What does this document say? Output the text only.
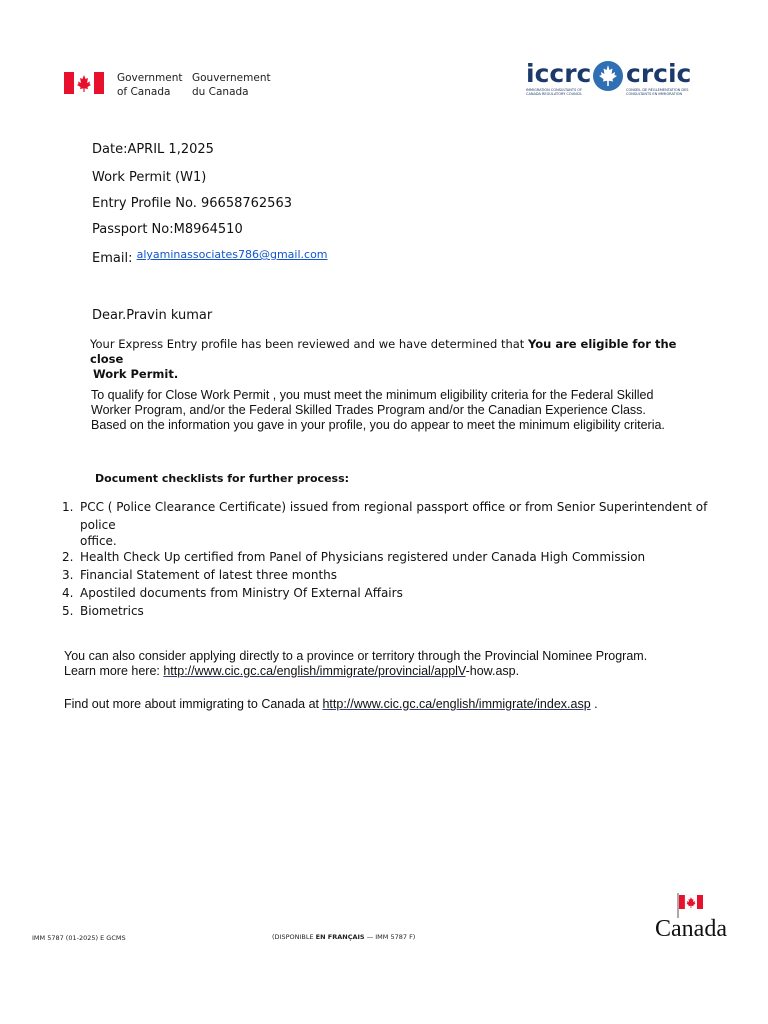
Government
of Canada
Gouvernement
du Canada
iccrc crcic
IMMIGRATION CONSULTANTS OF
CANADA REGULATORY COUNCIL
CONSEIL DE RÉGLEMENTATION DES
CONSULTANTS EN IMMIGRATION
Date:APRIL 1,2025
Work Permit (W1)
Entry Profile No. 96658762563
Passport No:M8964510
Email: $^{alyaminassociates786@gmail.com}$
Dear.Pravin kumar
Your Express Entry profile has been reviewed and we have determined that You are eligible for the close
Work Permit.
To qualify for Close Work Permit , you must meet the minimum eligibility criteria for the Federal Skilled
Worker Program, and/or the Federal Skilled Trades Program and/or the Canadian Experience Class.
Based on the information you gave in your profile, you do appear to meet the minimum eligibility criteria.
Document checklists for further process:
1. PCC ( Police Clearance Certificate) issued from regional passport office or from Senior Superintendent of police
office.
2. Health Check Up certified from Panel of Physicians registered under Canada High Commission
3. Financial Statement of latest three months
4. Apostiled documents from Ministry Of External Affairs
5. Biometrics
You can also consider applying directly to a province or territory through the Provincial Nominee Program.
Learn more here: http://www.cic.gc.ca/english/immigrate/provincial/applV-how.asp.
Find out more about immigrating to Canada at http://www.cic.gc.ca/english/immigrate/index.asp .
IMM 5787 (01-2025) E GCMS	(DISPONIBLE EN FRANÇAIS — IMM 5787 F)	Canada
